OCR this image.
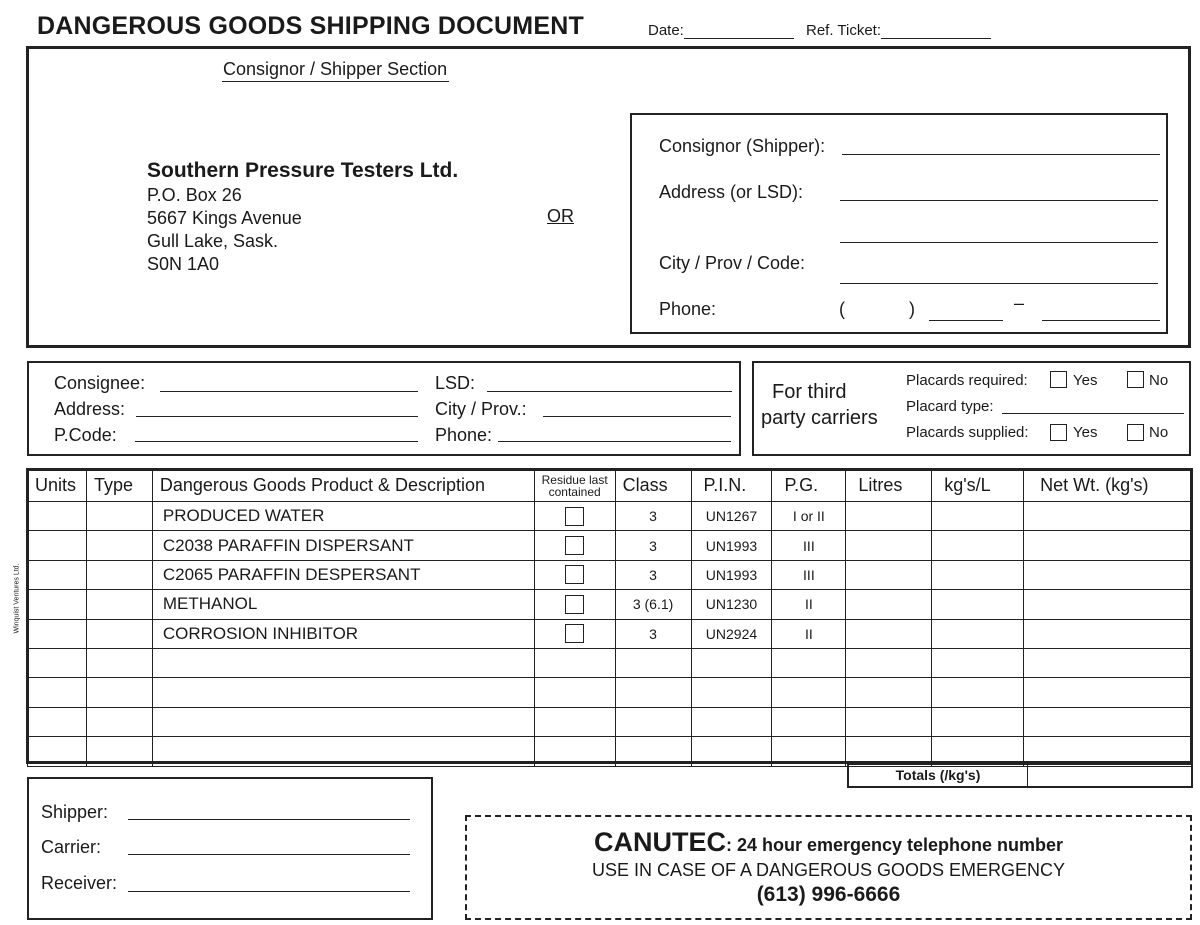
DANGEROUS GOODS SHIPPING DOCUMENT	Date:	Ref. Ticket:
Winquist Ventures Ltd.
Consignor / Shipper Section
Southern Pressure Testers Ltd.
P.O. Box 26
5667 Kings Avenue
Gull Lake, Sask.
S0N 1A0
OR
Consignor (Shipper):
Address (or LSD):
City / Prov / Code:
Phone:	(	)	–
Consignee:
Address:
P.Code:
LSD:
City / Prov.:
Phone:
For third
party carriers
Placards required:	Yes	No
Placard type:
Placards supplied:	Yes	No
Units	Type	Dangerous Goods Product & Description	Residue last
contained	Class	P.I.N.	P.G.	Litres	kg's/L	Net Wt. (kg's)
		PRODUCED WATER		3	UN1267	I or II			
		C2038 PARAFFIN DISPERSANT		3	UN1993	III			
		C2065 PARAFFIN DESPERSANT		3	UN1993	III			
		METHANOL		3 (6.1)	UN1230	II			
		CORROSION INHIBITOR		3	UN2924	II			

Totals (/kg's)
Shipper:
Carrier:
Receiver:
CANUTEC: 24 hour emergency telephone number
USE IN CASE OF A DANGEROUS GOODS EMERGENCY
(613) 996-6666
